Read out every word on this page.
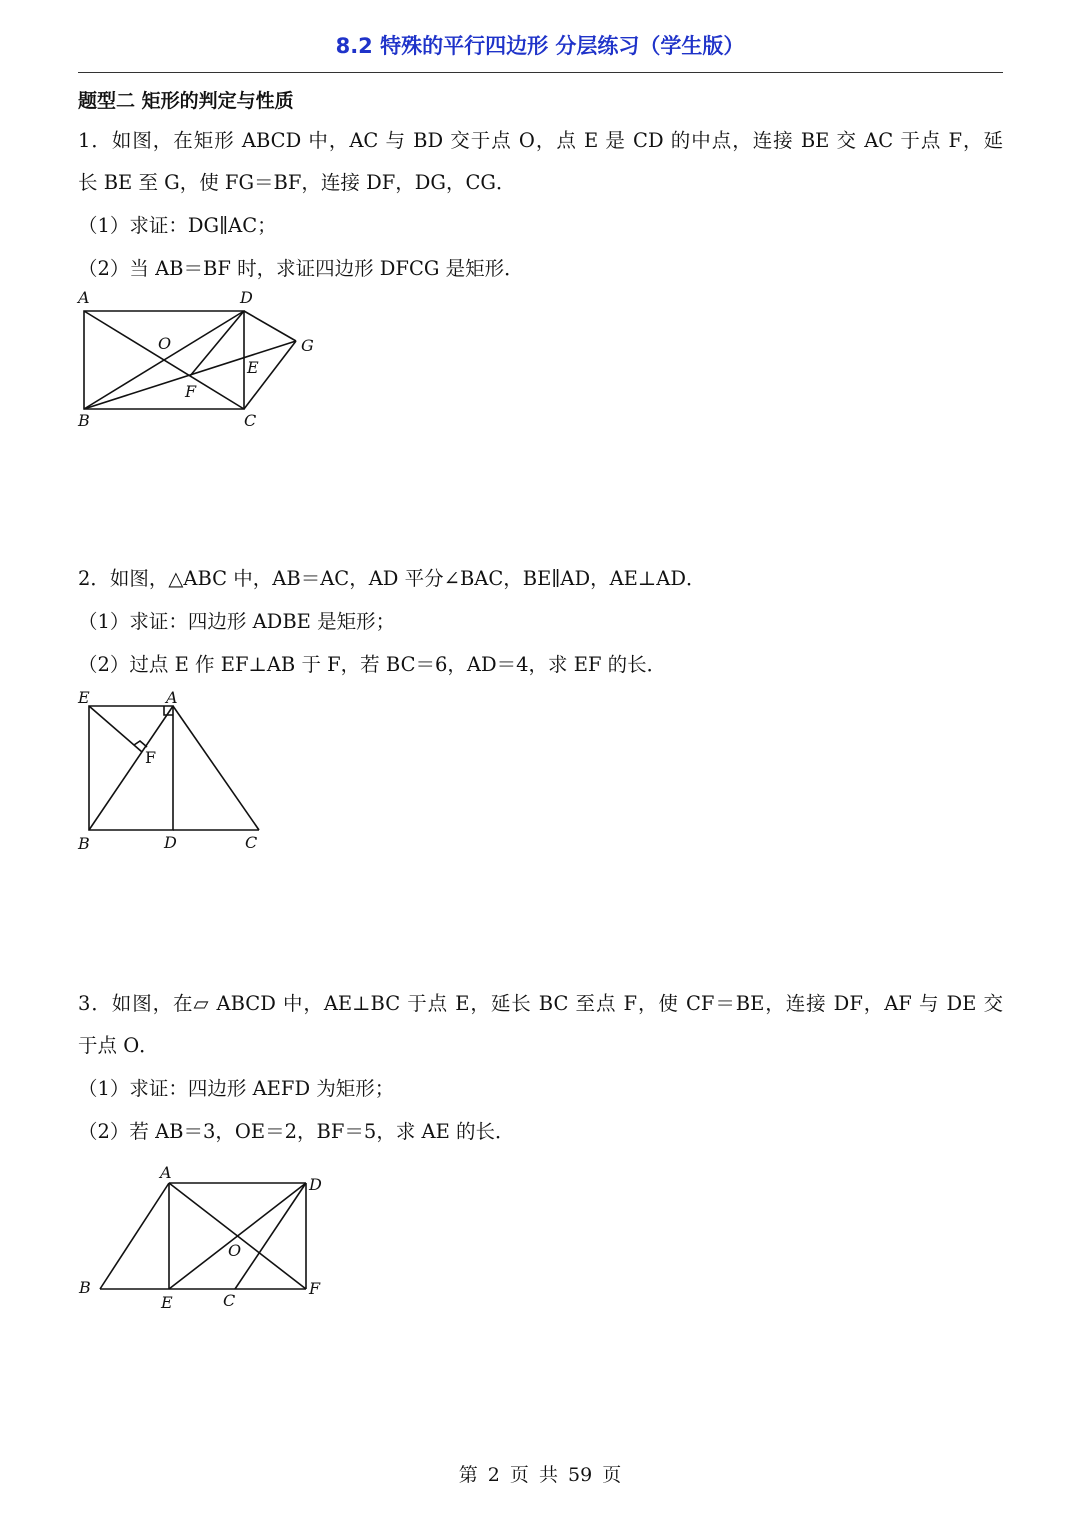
8.2 特殊的平行四边形 分层练习（学生版）
题型二 矩形的判定与性质
1．如图，在矩形 ABCD 中，AC 与 BD 交于点 O，点 E 是 CD 的中点，连接 BE 交 AC 于点 F，延
长 BE 至 G，使 FG＝BF，连接 DF，DG，CG．
（1）求证：DG∥AC；
（2）当 AB＝BF 时，求证四边形 DFCG 是矩形．
A	D
O	G
E
F
B	C
2．如图，△ABC 中，AB＝AC，AD 平分∠BAC，BE∥AD，AE⊥AD．
（1）求证：四边形 ADBE 是矩形；
（2）过点 E 作 EF⊥AB 于 F，若 BC＝6，AD＝4，求 EF 的长．
E	A
F
B	D	C
3．如图，在▱ ABCD 中，AE⊥BC 于点 E，延长 BC 至点 F，使 CF＝BE，连接 DF，AF 与 DE 交
于点 O．
（1）求证：四边形 AEFD 为矩形；
（2）若 AB＝3，OE＝2，BF＝5，求 AE 的长．
A
D
O
B
E	C
F
第 2 页 共 59 页
